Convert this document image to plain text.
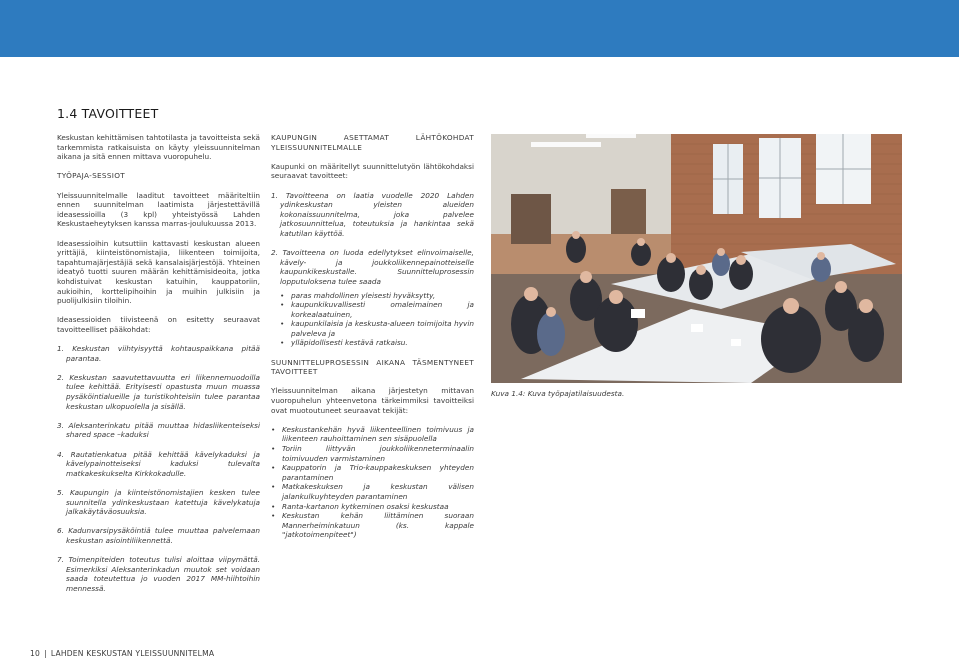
1.4 TAVOITTEET

Keskustan kehittämisen tahtotilasta ja tavoitteista sekä tarkemmista ratkaisuista on käyty yleissuunnitelman aikana ja sitä ennen mittava vuoropuhelu.

TYÖPAJA-SESSIOT

Yleissuunnitelmalle laaditut tavoitteet määriteltiin ennen suunnitelman laatimista järjestettävillä ideasessioilla (3 kpl) yhteistyössä Lahden Keskustaeheytyksen kanssa marras-joulukuussa 2013.

Ideasessioihin kutsuttiin kattavasti keskustan alueen yrittäjiä, kiinteistönomistajia, liikenteen toimijoita, tapahtumajärjestäjiä sekä kansalaisjärjestöjä. Yhteinen ideatyö tuotti suuren määrän kehittämisideoita, jotka kohdistuivat keskustan katuihin, kauppatoriin, aukioihin, korttelipihoihin ja muihin julkisiin ja puolijulkisiin tiloihin.

Ideasessioiden tiivisteenä on esitetty seuraavat tavoitteelliset pääkohdat:

1. Keskustan viihtyisyyttä kohtauspaikkana pitää parantaa.
2. Keskustan saavutettavuutta eri liikennemuodoilla tulee kehittää. Erityisesti opastusta muun muassa pysäköintialueille ja turistikohteisiin tulee parantaa keskustan ulkopuolella ja sisällä.
3. Aleksanterinkatu pitää muuttaa hidasliikenteiseksi shared space –kaduksi
4. Rautatienkatua pitää kehittää kävelykaduksi ja kävelypainotteiseksi kaduksi tulevalta matkakeskukselta Kirkkokadulle.
5. Kaupungin ja kiinteistönomistajien kesken tulee suunnitella ydinkeskustaan katettuja kävelykatuja jalkakäytäväosuuksia.
6. Kadunvarsipysäköintiä tulee muuttaa palvelemaan keskustan asiointiliikennettä.
7. Toimenpiteiden toteutus tulisi aloittaa viipymättä. Esimerkiksi Aleksanterinkadun muutok set voidaan saada toteutettua jo vuoden 2017 MM-hiihtoihin mennessä.

KAUPUNGIN ASETTAMAT LÄHTÖKOHDAT YLEISSUUNNITELMALLE

Kaupunki on määritellyt suunnittelutyön lähtökohdaksi seuraavat tavoitteet:

1. Tavoitteena on laatia vuodelle 2020 Lahden ydinkeskustan yleisten alueiden kokonaissuunnitelma, joka palvelee jatkosuunnittelua, toteutuksia ja hankintaa sekä katutilan käyttöä.
2. Tavoitteena on luoda edellytykset elinvoimaiselle, kävely- ja joukkoliikennepainotteiselle kaupunkikeskustalle. Suunnitteluprosessin lopputuloksena tulee saada
• paras mahdollinen yleisesti hyväksytty,
• kaupunkikuvallisesti omaleimainen ja korkealaatuinen,
• kaupunkilaisia ja keskusta-alueen toimijoita hyvin palveleva ja
• ylläpidollisesti kestävä ratkaisu.

SUUNNITTELUPROSESSIN AIKANA TÄSMENTYNEET TAVOITTEET

Yleissuunnitelman aikana järjestetyn mittavan vuoropuhelun yhteenvetona tärkeimmiksi tavoitteiksi ovat muotoutuneet seuraavat tekijät:

• Keskustankehän hyvä liikenteellinen toimivuus ja liikenteen rauhoittaminen sen sisäpuolella
• Toriin liittyvän joukkoliikenneterminaalin toimivuuden varmistaminen
• Kauppatorin ja Trio-kauppakeskuksen yhteyden parantaminen
• Matkakeskuksen ja keskustan välisen jalankulkuyhteyden parantaminen
• Ranta-kartanon kytkeminen osaksi keskustaa
• Keskustan kehän liittäminen suoraan Mannerheiminkatuun (ks. kappale "jatkotoimenpiteet")
Kuva 1.4: Kuva työpajatilaisuudesta.
10 | LAHDEN KESKUSTAN YLEISSUUNNITELMA
